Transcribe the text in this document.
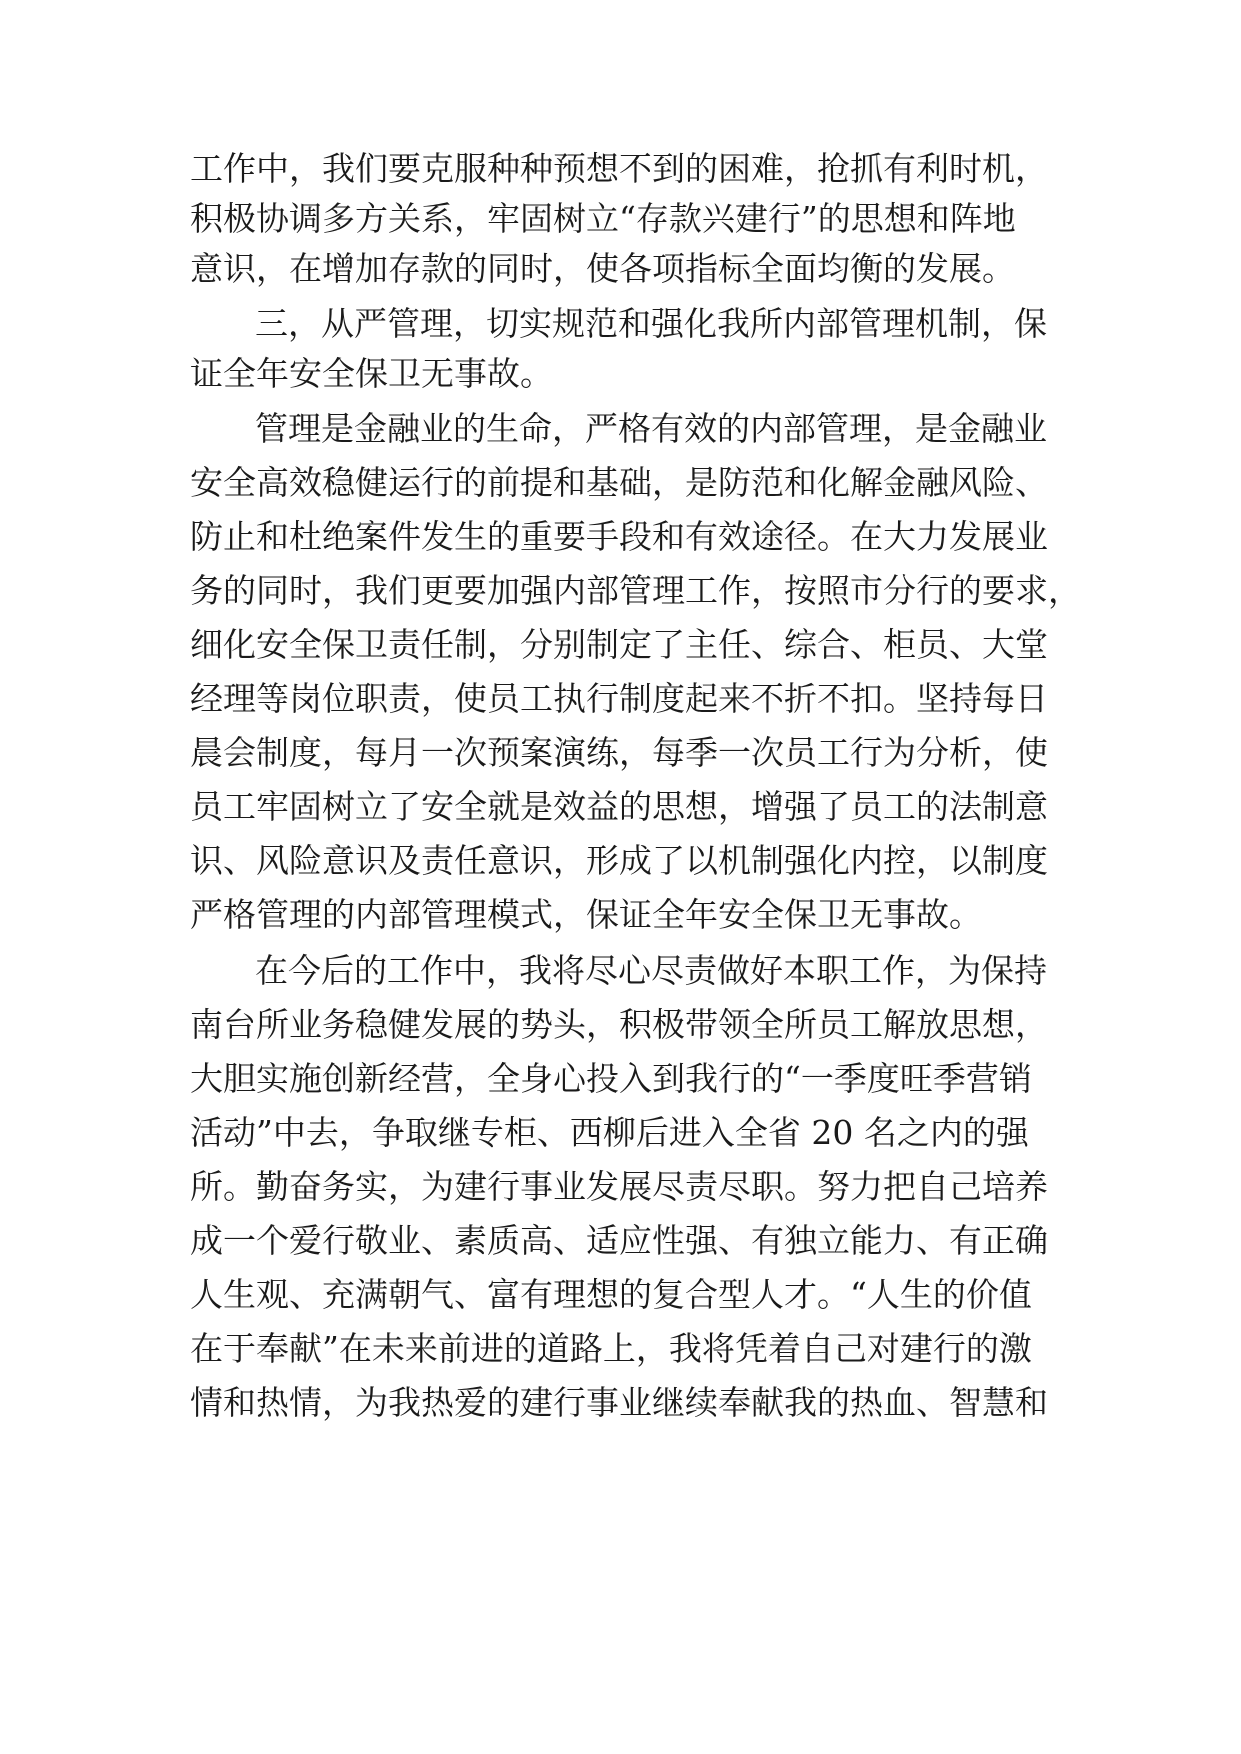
工作中，我们要克服种种预想不到的困难，抢抓有利时机，
积极协调多方关系，牢固树立“存款兴建行”的思想和阵地
意识，在增加存款的同时，使各项指标全面均衡的发展。
三，从严管理，切实规范和强化我所内部管理机制，保
证全年安全保卫无事故。
管理是金融业的生命，严格有效的内部管理，是金融业
安全高效稳健运行的前提和基础，是防范和化解金融风险、
防止和杜绝案件发生的重要手段和有效途径。在大力发展业
务的同时，我们更要加强内部管理工作，按照市分行的要求，
细化安全保卫责任制，分别制定了主任、综合、柜员、大堂
经理等岗位职责，使员工执行制度起来不折不扣。坚持每日
晨会制度，每月一次预案演练，每季一次员工行为分析，使
员工牢固树立了安全就是效益的思想，增强了员工的法制意
识、风险意识及责任意识，形成了以机制强化内控，以制度
严格管理的内部管理模式，保证全年安全保卫无事故。
在今后的工作中，我将尽心尽责做好本职工作，为保持
南台所业务稳健发展的势头，积极带领全所员工解放思想，
大胆实施创新经营，全身心投入到我行的“一季度旺季营销
活动”中去，争取继专柜、西柳后进入全省 20 名之内的强
所。勤奋务实，为建行事业发展尽责尽职。努力把自己培养
成一个爱行敬业、素质高、适应性强、有独立能力、有正确
人生观、充满朝气、富有理想的复合型人才。“人生的价值
在于奉献”在未来前进的道路上，我将凭着自己对建行的激
情和热情，为我热爱的建行事业继续奉献我的热血、智慧和
